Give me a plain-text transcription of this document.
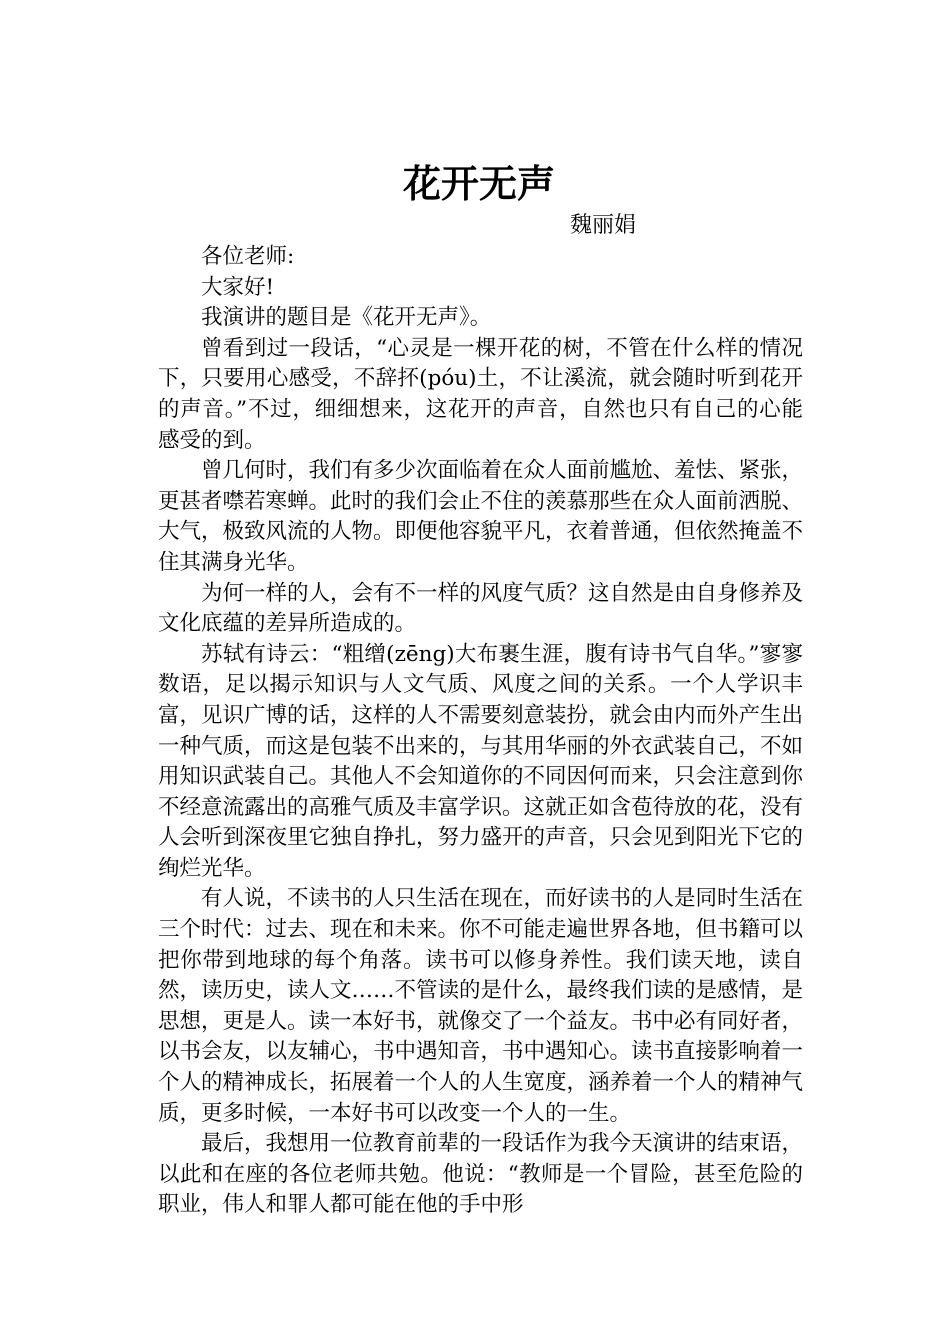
花开无声
魏丽娟

各位老师:

大家好!

我演讲的题目是《花开无声》。

曾看到过一段话，“心灵是一棵开花的树，不管在什么样的情况下，只要用心感受，不辞抔(póu)土，不让溪流，就会随时听到花开的声音。”不过，细细想来，这花开的声音，自然也只有自己的心能感受的到。

曾几何时，我们有多少次面临着在众人面前尴尬、羞怯、紧张，更甚者噤若寒蝉。此时的我们会止不住的羡慕那些在众人面前洒脱、大气，极致风流的人物。即便他容貌平凡，衣着普通，但依然掩盖不住其满身光华。

为何一样的人，会有不一样的风度气质？这自然是由自身修养及文化底蕴的差异所造成的。

苏轼有诗云：“粗缯(zēng)大布裹生涯，腹有诗书气自华。”寥寥数语，足以揭示知识与人文气质、风度之间的关系。一个人学识丰富，见识广博的话，这样的人不需要刻意装扮，就会由内而外产生出一种气质，而这是包装不出来的，与其用华丽的外衣武装自己，不如用知识武装自己。其他人不会知道你的不同因何而来，只会注意到你不经意流露出的高雅气质及丰富学识。这就正如含苞待放的花，没有人会听到深夜里它独自挣扎，努力盛开的声音，只会见到阳光下它的绚烂光华。

有人说，不读书的人只生活在现在，而好读书的人是同时生活在三个时代：过去、现在和未来。你不可能走遍世界各地，但书籍可以把你带到地球的每个角落。读书可以修身养性。我们读天地，读自然，读历史，读人文……不管读的是什么，最终我们读的是感情，是思想，更是人。读一本好书，就像交了一个益友。书中必有同好者，以书会友，以友辅心，书中遇知音，书中遇知心。读书直接影响着一个人的精神成长，拓展着一个人的人生宽度，涵养着一个人的精神气质，更多时候，一本好书可以改变一个人的一生。

最后，我想用一位教育前辈的一段话作为我今天演讲的结束语，以此和在座的各位老师共勉。他说：“教师是一个冒险，甚至危险的职业，伟人和罪人都可能在他的手中形
